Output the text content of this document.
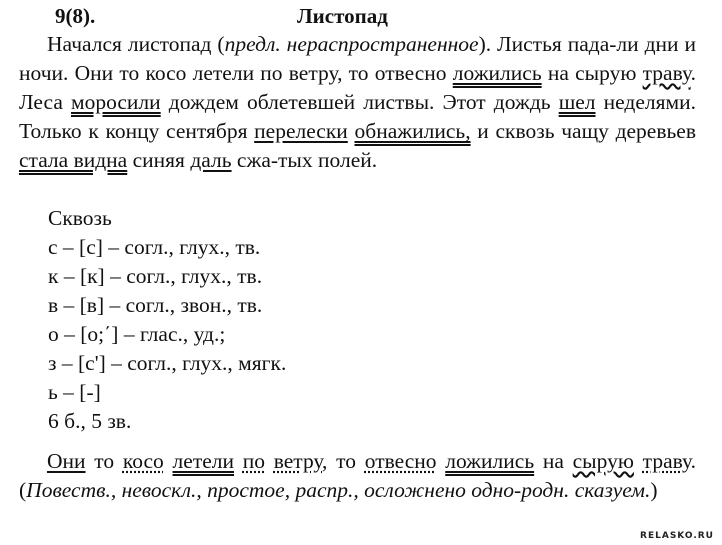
9(8).	Листопад

Начался листопад (предл. нераспространенное). Листья пада-ли дни и ночи. Они то косо летели по ветру, то отвесно ложились на сырую траву. Леса моросили дождем облетевшей листвы. Этот дождь шел неделями. Только к концу сентября перелески обнажились, и сквозь чащу деревьев стала видна синяя даль сжа-тых полей.

Сквозь
с – [с] – согл., глух., тв.
к – [к] – согл., глух., тв.
в – [в] – согл., звон., тв.
о – [о;΄] – глас., уд.;
з – [с'] – согл., глух., мягк.
ь – [-]
6 б., 5 зв.

Они то косо летели по ветру, то отвесно ложились на сырую траву. (Повеств., невоскл., простое, распр., осложнено одно-родн. сказуем.)

RELASKO.RU
